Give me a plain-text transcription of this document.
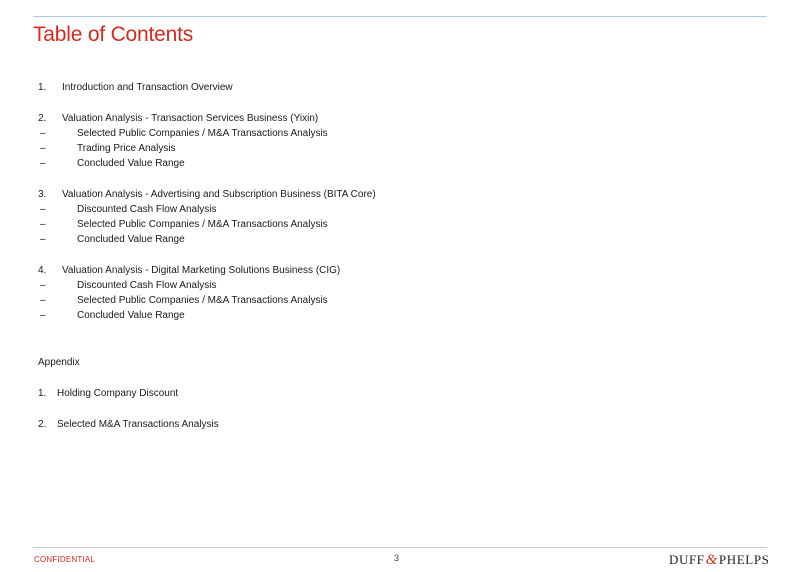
Table of Contents
1. Introduction and Transaction Overview
2. Valuation Analysis - Transaction Services Business (Yixin)
–	Selected Public Companies / M&A Transactions Analysis
–	Trading Price Analysis
–	Concluded Value Range
3. Valuation Analysis - Advertising and Subscription Business (BITA Core)
–	Discounted Cash Flow Analysis
–	Selected Public Companies / M&A Transactions Analysis
–	Concluded Value Range
4. Valuation Analysis - Digital Marketing Solutions Business (CIG)
–	Discounted Cash Flow Analysis
–	Selected Public Companies / M&A Transactions Analysis
–	Concluded Value Range
Appendix
1. Holding Company Discount
2. Selected M&A Transactions Analysis
CONFIDENTIAL	3	DUFF&PHELPS
